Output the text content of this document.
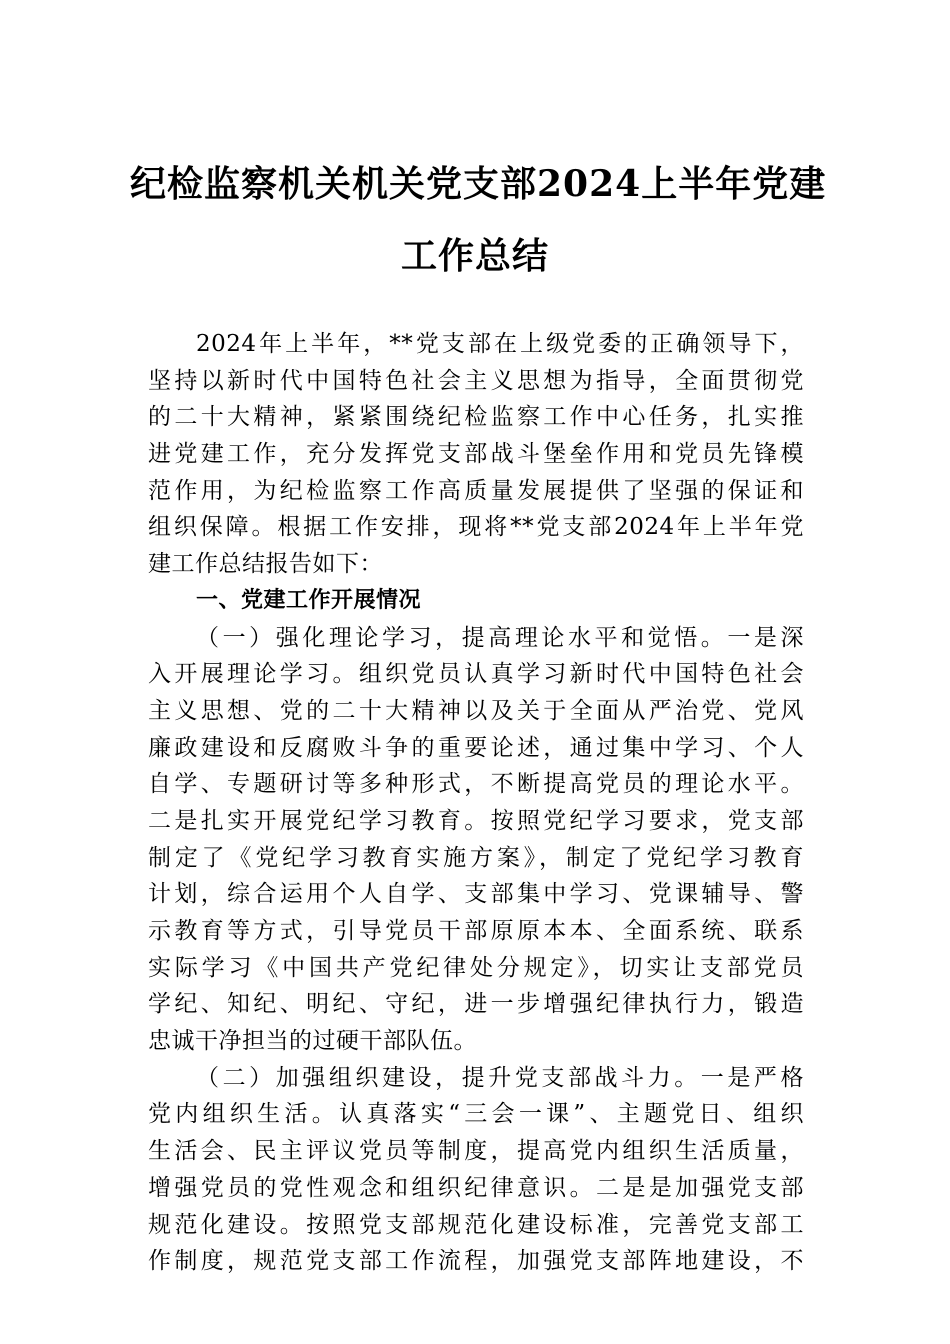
纪检监察机关机关党支部2024上半年党建
工作总结
2024年上半年，**党支部在上级党委的正确领导下，
坚持以新时代中国特色社会主义思想为指导，全面贯彻党
的二十大精神，紧紧围绕纪检监察工作中心任务，扎实推
进党建工作，充分发挥党支部战斗堡垒作用和党员先锋模
范作用，为纪检监察工作高质量发展提供了坚强的保证和
组织保障。根据工作安排，现将**党支部2024年上半年党
建工作总结报告如下：
一、党建工作开展情况
（一）强化理论学习，提高理论水平和觉悟。一是深
入开展理论学习。组织党员认真学习新时代中国特色社会
主义思想、党的二十大精神以及关于全面从严治党、党风
廉政建设和反腐败斗争的重要论述，通过集中学习、个人
自学、专题研讨等多种形式，不断提高党员的理论水平。
二是扎实开展党纪学习教育。按照党纪学习要求，党支部
制定了《党纪学习教育实施方案》，制定了党纪学习教育
计划，综合运用个人自学、支部集中学习、党课辅导、警
示教育等方式，引导党员干部原原本本、全面系统、联系
实际学习《中国共产党纪律处分规定》，切实让支部党员
学纪、知纪、明纪、守纪，进一步增强纪律执行力，锻造
忠诚干净担当的过硬干部队伍。
（二）加强组织建设，提升党支部战斗力。一是严格
党内组织生活。认真落实“三会一课”、主题党日、组织
生活会、民主评议党员等制度，提高党内组织生活质量，
增强党员的党性观念和组织纪律意识。二是是加强党支部
规范化建设。按照党支部规范化建设标准，完善党支部工
作制度，规范党支部工作流程，加强党支部阵地建设，不
